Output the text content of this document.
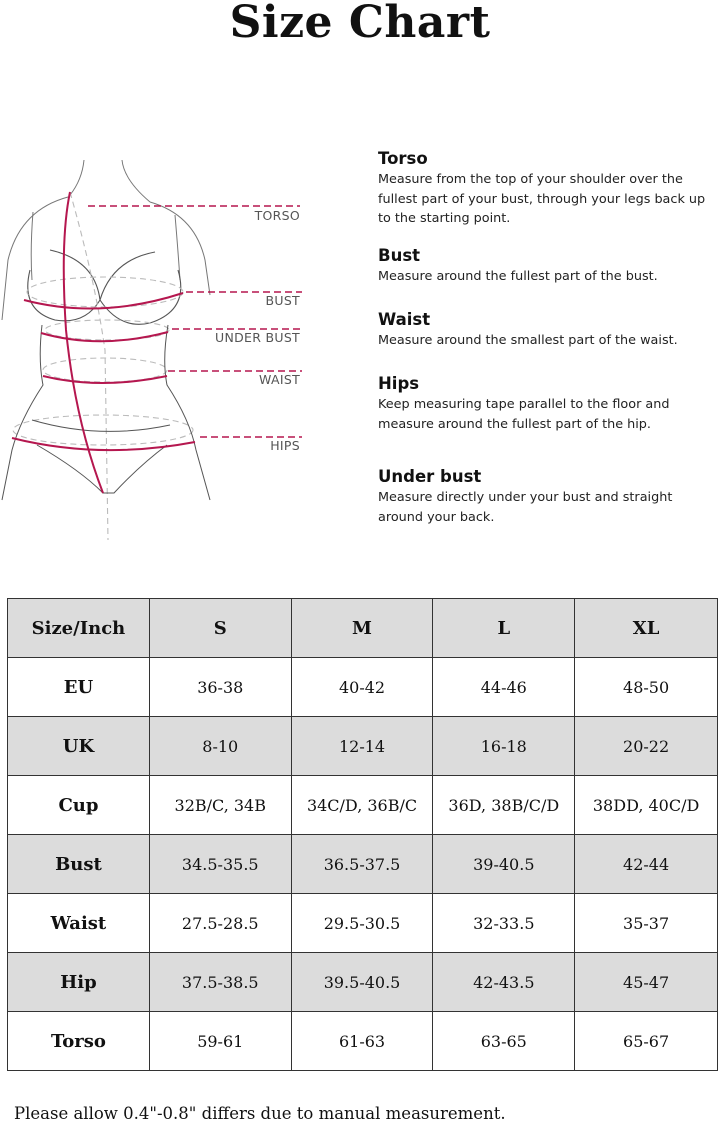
Size Chart
TORSO
BUST
UNDER BUST
WAIST
HIPS
Torso

Measure from the top of your shoulder over the fullest part of your bust, through your legs back up to the starting point.

Bust

Measure around the fullest part of the bust.

Waist

Measure around the smallest part of the waist.

Hips

Keep measuring tape parallel to the floor and measure around the fullest part of the hip.

Under bust

Measure directly under your bust and straight around your back.

Size/Inch	S	M	L	XL
EU	36-38	40-42	44-46	48-50
UK	8-10	12-14	16-18	20-22
Cup	32B/C, 34B	34C/D, 36B/C	36D, 38B/C/D	38DD, 40C/D
Bust	34.5-35.5	36.5-37.5	39-40.5	42-44
Waist	27.5-28.5	29.5-30.5	32-33.5	35-37
Hip	37.5-38.5	39.5-40.5	42-43.5	45-47
Torso	59-61	61-63	63-65	65-67
Please allow 0.4"-0.8" differs due to manual measurement.
